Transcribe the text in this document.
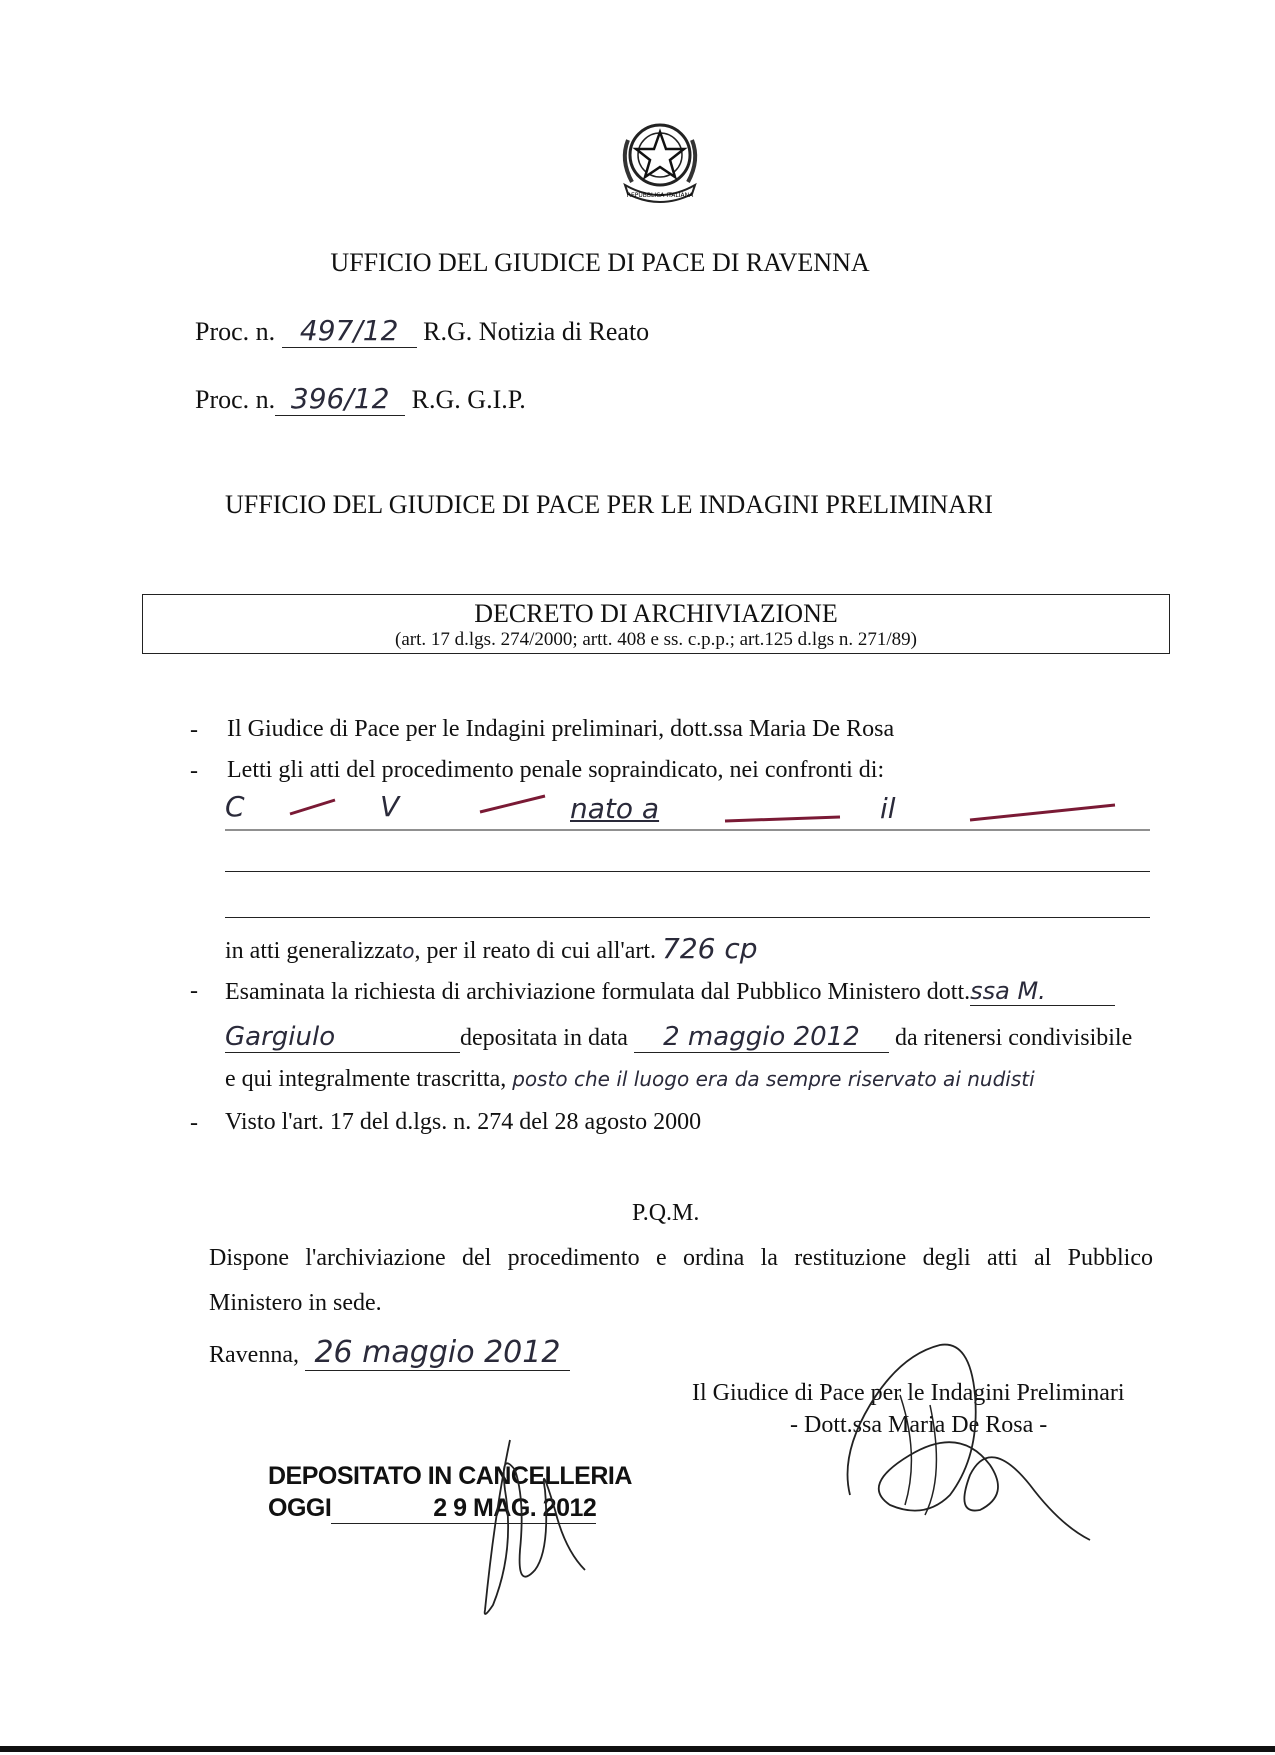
REPUBBLICA ITALIANA
UFFICIO DEL GIUDICE DI PACE DI RAVENNA
Proc. n. 497/12 R.G. Notizia di Reato
Proc. n. 396/12 R.G. G.I.P.
UFFICIO DEL GIUDICE DI PACE PER LE INDAGINI PRELIMINARI
DECRETO DI ARCHIVIAZIONE
(art. 17 d.lgs. 274/2000; artt. 408 e ss. c.p.p.; art.125 d.lgs n. 271/89)
- Il Giudice di Pace per le Indagini preliminari, dott.ssa Maria De Rosa
- Letti gli atti del procedimento penale sopraindicato, nei confronti di:
C	V	nato a	il
in atti generalizzato, per il reato di cui all'art. 726 cp
- Esaminata la richiesta di archiviazione formulata dal Pubblico Ministero dott.ssa M.
Gargiulo	depositata in data 2 maggio 2012 da ritenersi condivisibile
e qui integralmente trascritta, posto che il luogo era da sempre riservato ai nudisti
- Visto l'art. 17 del d.lgs. n. 274 del 28 agosto 2000
P.Q.M.
Dispone l'archiviazione del procedimento e ordina la restituzione degli atti al Pubblico
Ministero in sede.
Ravenna, 26 maggio 2012
Il Giudice di Pace per le Indagini Preliminari
- Dott.ssa Maria De Rosa -
DEPOSITATO IN CANCELLERIA
OGGI	2 9 MAG. 2012
